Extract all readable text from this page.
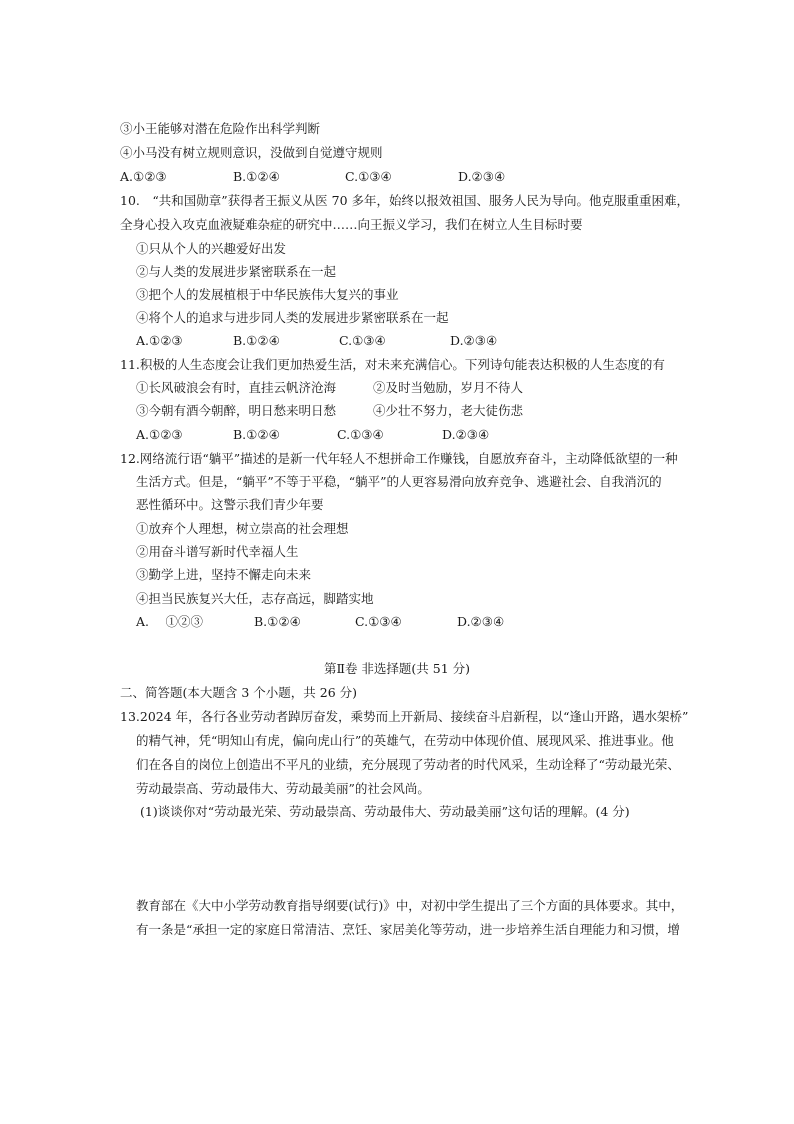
③小王能够对潜在危险作出科学判断
④小马没有树立规则意识，没做到自觉遵守规则
A.①②③	B.①②④	C.①③④	D.②③④
10.　“共和国勋章”获得者王振义从医 70 多年，始终以报效祖国、服务人民为导向。他克服重重困难，
全身心投入攻克血液疑难杂症的研究中……向王振义学习，我们在树立人生目标时要
①只从个人的兴趣爱好出发
②与人类的发展进步紧密联系在一起
③把个人的发展植根于中华民族伟大复兴的事业
④将个人的追求与进步同人类的发展进步紧密联系在一起
A.①②③	B.①②④	C.①③④	D.②③④
11.积极的人生态度会让我们更加热爱生活，对未来充满信心。下列诗句能表达积极的人生态度的有
①长风破浪会有时，直挂云帆济沧海	②及时当勉励，岁月不待人
③今朝有酒今朝醉，明日愁来明日愁	④少壮不努力，老大徒伤悲
A.①②③	B.①②④	C.①③④	D.②③④
12.网络流行语“躺平”描述的是新一代年轻人不想拼命工作赚钱，自愿放弃奋斗，主动降低欲望的一种
生活方式。但是，“躺平”不等于平稳，“躺平”的人更容易滑向放弃竞争、逃避社会、自我消沉的
恶性循环中。这警示我们青少年要
①放弃个人理想，树立崇高的社会理想
②用奋斗谱写新时代幸福人生
③勤学上进，坚持不懈走向未来
④担当民族复兴大任，志存高远，脚踏实地
A.　 ①②③	B.①②④	C.①③④	D.②③④
第Ⅱ卷 非选择题(共 51 分)
二、简答题(本大题含 3 个小题，共 26 分)
13.2024 年，各行各业劳动者踔厉奋发，乘势而上开新局、接续奋斗启新程，以“逢山开路，遇水架桥”
的精气神，凭“明知山有虎，偏向虎山行”的英雄气，在劳动中体现价值、展现风采、推进事业。他
们在各自的岗位上创造出不平凡的业绩，充分展现了劳动者的时代风采，生动诠释了“劳动最光荣、
劳动最崇高、劳动最伟大、劳动最美丽”的社会风尚。
(1)谈谈你对“劳动最光荣、劳动最崇高、劳动最伟大、劳动最美丽”这句话的理解。(4 分)
教育部在《大中小学劳动教育指导纲要(试行)》中，对初中学生提出了三个方面的具体要求。其中，
有一条是“承担一定的家庭日常清洁、烹饪、家居美化等劳动，进一步培养生活自理能力和习惯，增
